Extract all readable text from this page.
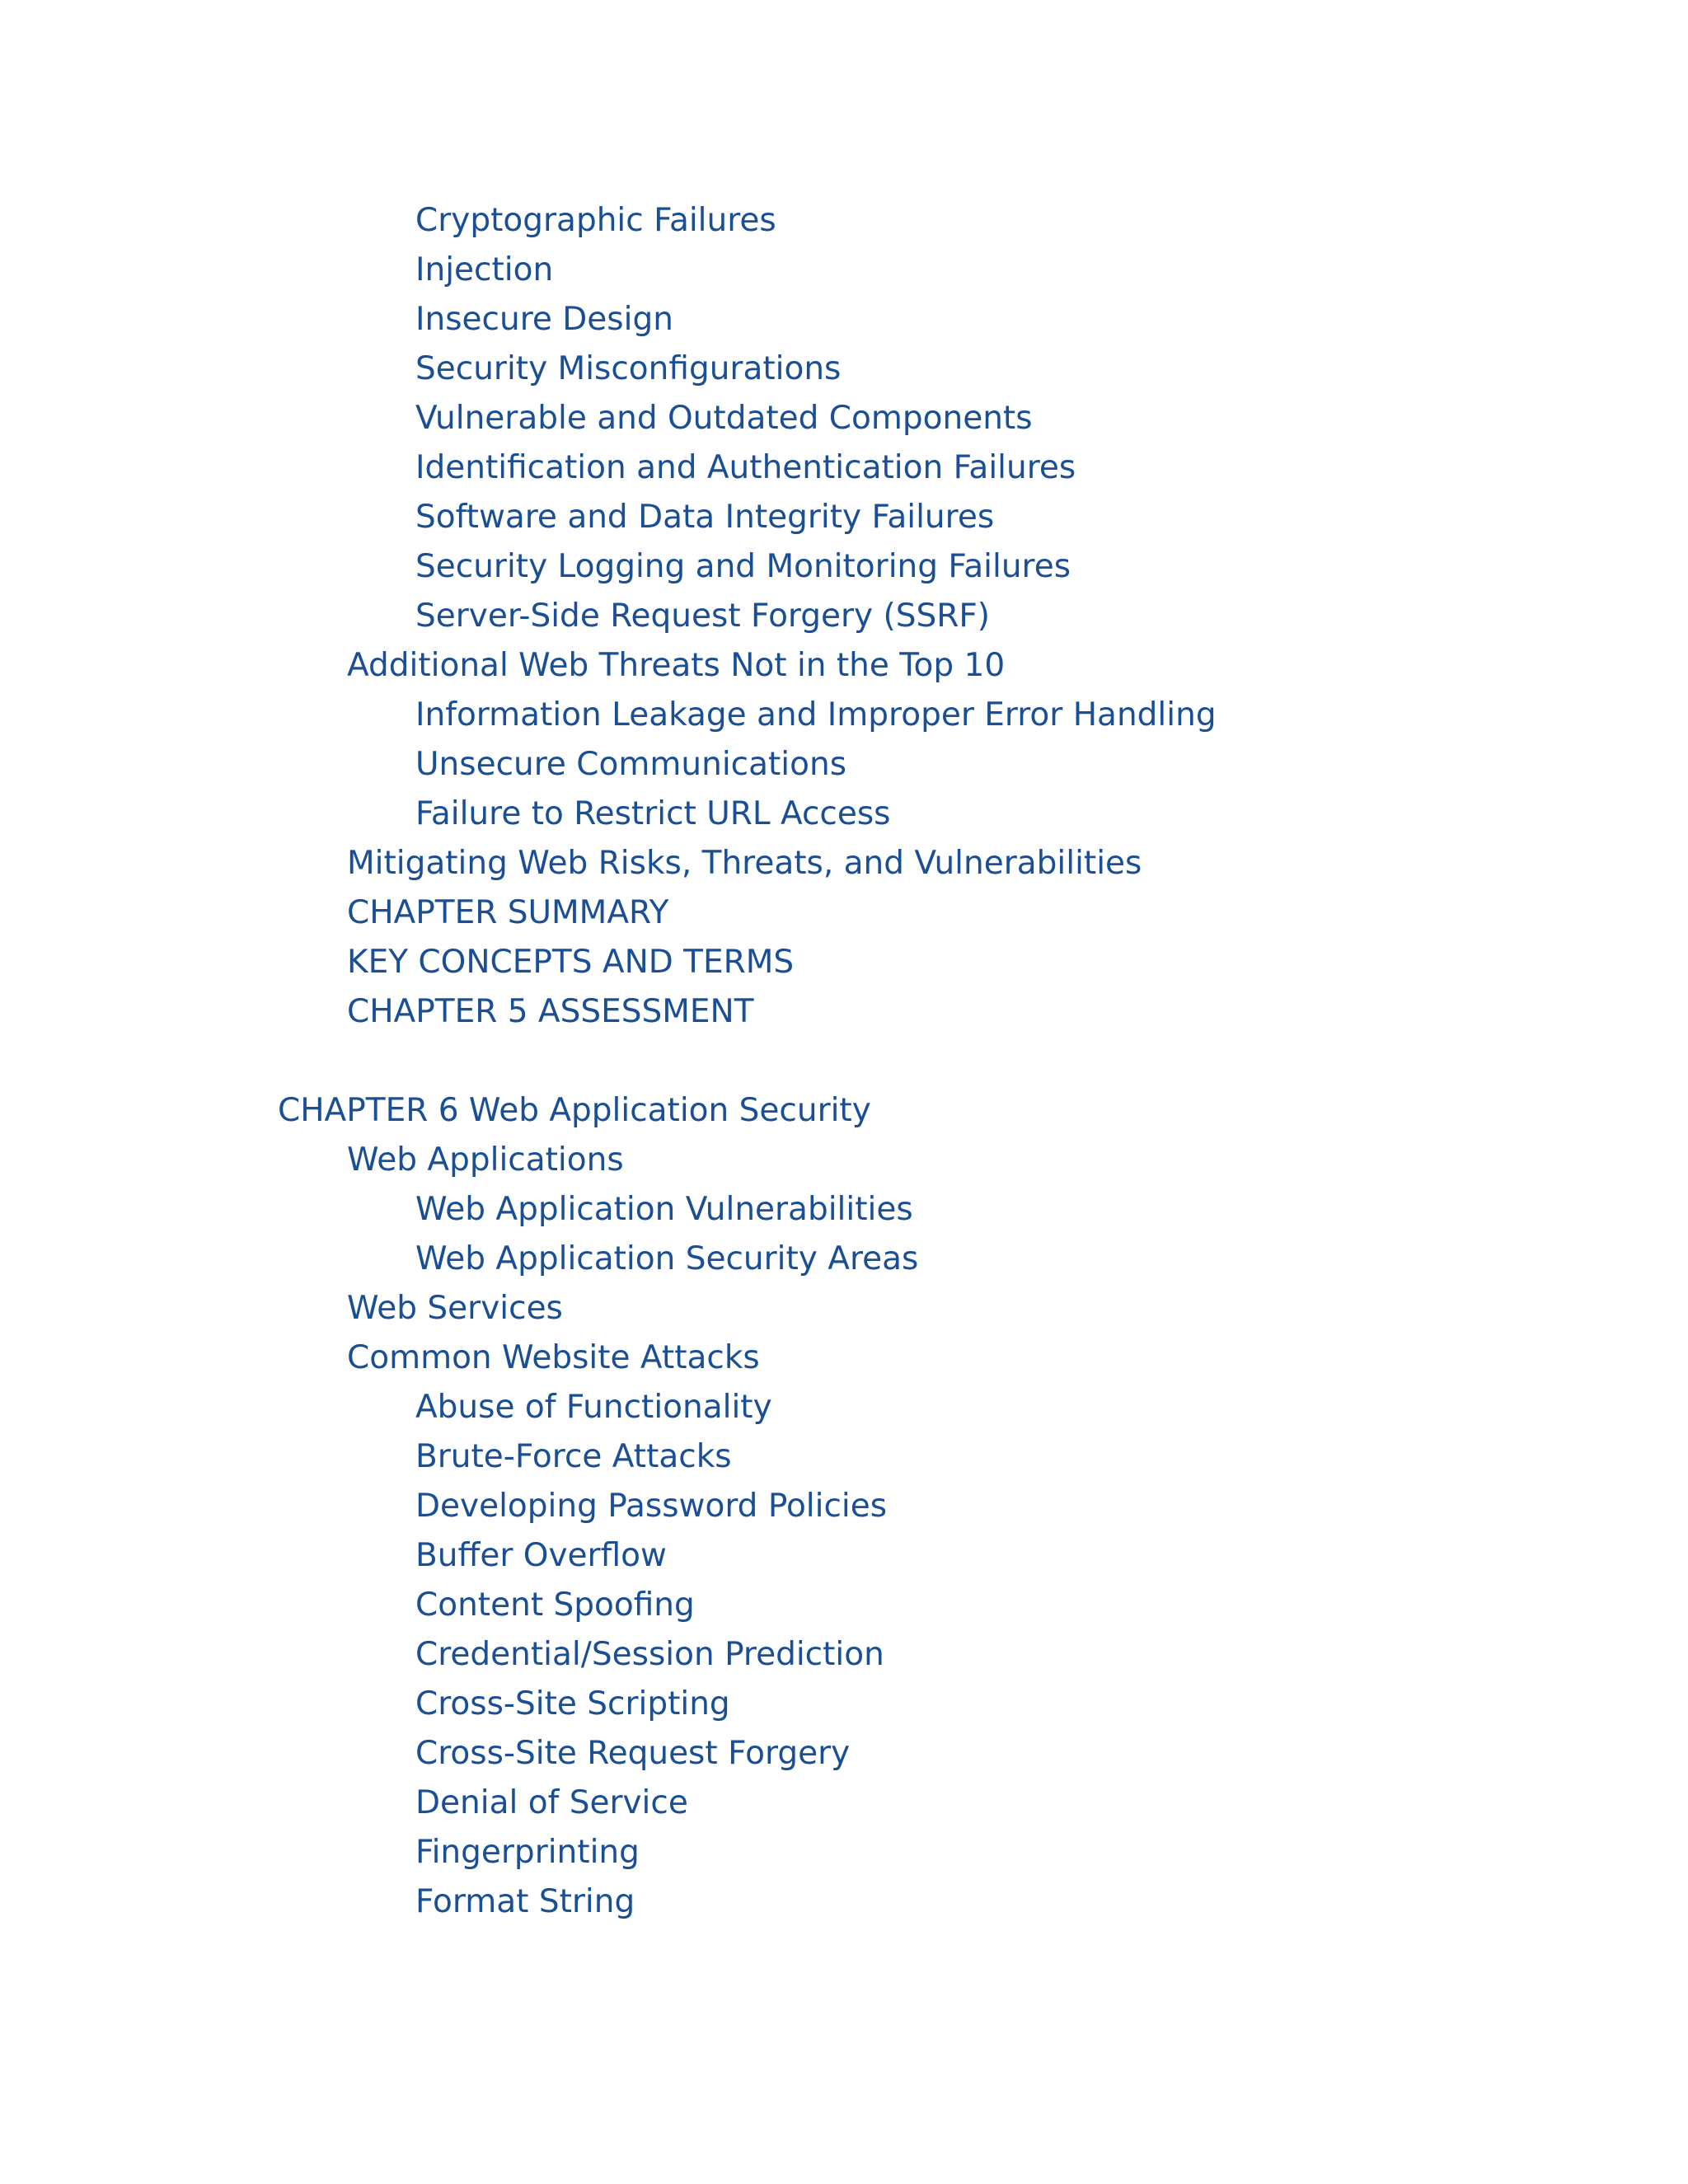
Cryptographic Failures
Injection
Insecure Design
Security Misconfigurations
Vulnerable and Outdated Components
Identification and Authentication Failures
Software and Data Integrity Failures
Security Logging and Monitoring Failures
Server-Side Request Forgery (SSRF)
Additional Web Threats Not in the Top 10
Information Leakage and Improper Error Handling
Unsecure Communications
Failure to Restrict URL Access
Mitigating Web Risks, Threats, and Vulnerabilities
CHAPTER SUMMARY
KEY CONCEPTS AND TERMS
CHAPTER 5 ASSESSMENT
CHAPTER 6 Web Application Security
Web Applications
Web Application Vulnerabilities
Web Application Security Areas
Web Services
Common Website Attacks
Abuse of Functionality
Brute-Force Attacks
Developing Password Policies
Buffer Overflow
Content Spoofing
Credential/Session Prediction
Cross-Site Scripting
Cross-Site Request Forgery
Denial of Service
Fingerprinting
Format String
